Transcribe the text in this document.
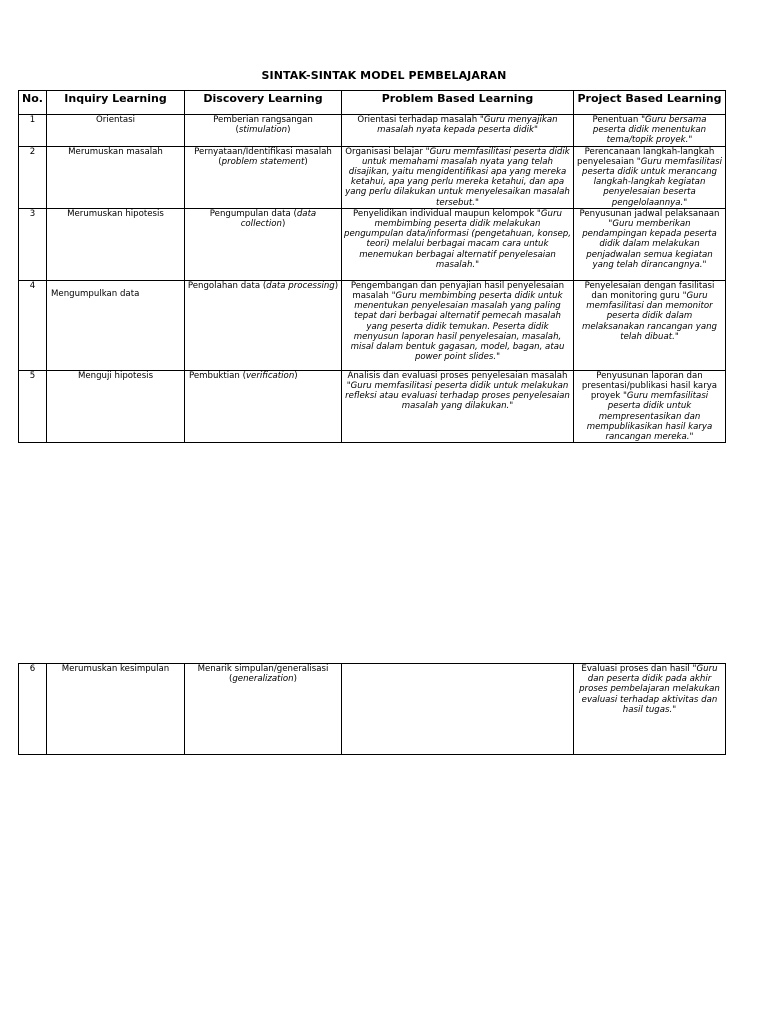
SINTAK-SINTAK MODEL PEMBELAJARAN
No.	Inquiry Learning	Discovery Learning	Problem Based Learning	Project Based Learning
1	Orientasi	Pemberian rangsangan (stimulation)	Orientasi terhadap masalah "Guru menyajikan masalah nyata kepada peserta didik"	Penentuan "Guru bersama peserta didik menentukan tema/topik proyek."
2	Merumuskan masalah	Pernyataan/Identifikasi masalah (problem statement)	Organisasi belajar "Guru memfasilitasi peserta didik untuk memahami masalah nyata yang telah disajikan, yaitu mengidentifikasi apa yang mereka ketahui, apa yang perlu mereka ketahui, dan apa yang perlu dilakukan untuk menyelesaikan masalah tersebut."	Perencanaan langkah-langkah penyelesaian "Guru memfasilitasi peserta didik untuk merancang langkah-langkah kegiatan penyelesaian beserta pengelolaannya."
3	Merumuskan hipotesis	Pengumpulan data (data collection)	Penyelidikan individual maupun kelompok "Guru membimbing peserta didik melakukan pengumpulan data/informasi (pengetahuan, konsep, teori) melalui berbagai macam cara untuk menemukan berbagai alternatif penyelesaian masalah."	Penyusunan jadwal pelaksanaan "Guru memberikan pendampingan kepada peserta didik dalam melakukan penjadwalan semua kegiatan yang telah dirancangnya."
4	Mengumpulkan data	Pengolahan data (data processing)	Pengembangan dan penyajian hasil penyelesaian masalah "Guru membimbing peserta didik untuk menentukan penyelesaian masalah yang paling tepat dari berbagai alternatif pemecah masalah yang peserta didik temukan. Peserta didik menyusun laporan hasil penyelesaian, masalah, misal dalam bentuk gagasan, model, bagan, atau power point slides."	Penyelesaian dengan fasilitasi dan monitoring guru "Guru memfasilitasi dan memonitor peserta didik dalam melaksanakan rancangan yang telah dibuat."
5	Menguji hipotesis	Pembuktian (verification)	Analisis dan evaluasi proses penyelesaian masalah "Guru memfasilitasi peserta didik untuk melakukan refleksi atau evaluasi terhadap proses penyelesaian masalah yang dilakukan."	Penyusunan laporan dan presentasi/publikasi hasil karya proyek "Guru memfasilitasi peserta didik untuk mempresentasikan dan mempublikasikan hasil karya rancangan mereka."
6	Merumuskan kesimpulan	Menarik simpulan/generalisasi (generalization)		Evaluasi proses dan hasil "Guru dan peserta didik pada akhir proses pembelajaran melakukan evaluasi terhadap aktivitas dan hasil tugas."
